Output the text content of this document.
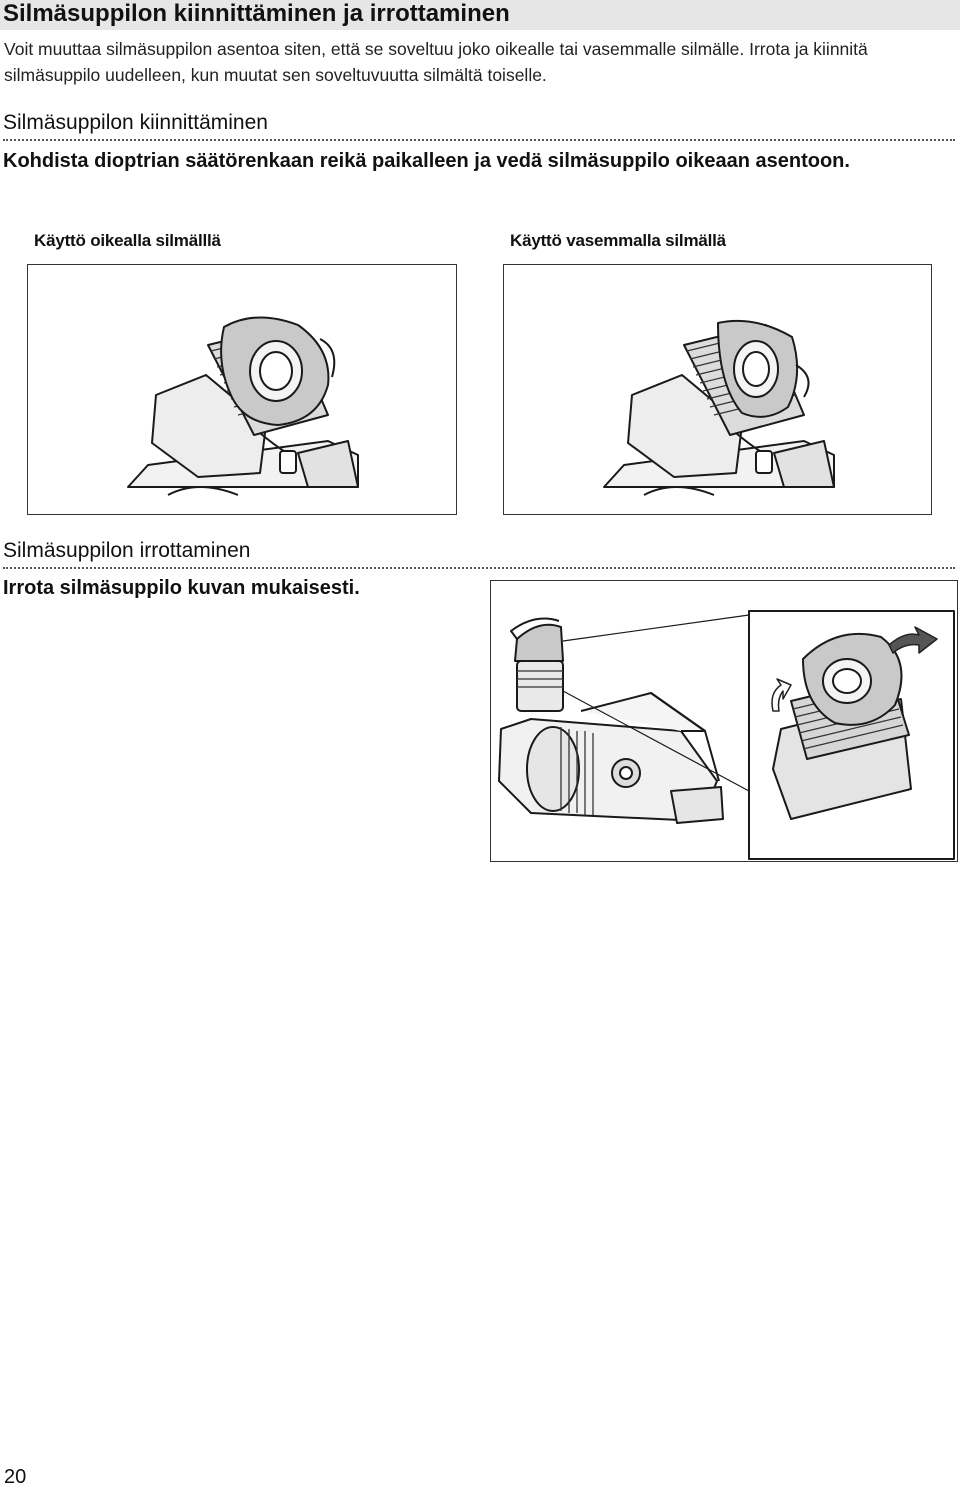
Silmäsuppilon kiinnittäminen ja irrottaminen

Voit muuttaa silmäsuppilon asentoa siten, että se soveltuu joko oikealle tai vasemmalle silmälle. Irrota ja kiinnitä silmäsuppilo uudelleen, kun muutat sen soveltuvuutta silmältä toiselle.

Silmäsuppilon kiinnittäminen

Kohdista dioptrian säätörenkaan reikä paikalleen ja vedä silmäsuppilo oikeaan asentoon.

Käyttö oikealla silmälllä	Käyttö vasemmalla silmällä

Silmäsuppilon irrottaminen

Irrota silmäsuppilo kuvan mukaisesti.

20
